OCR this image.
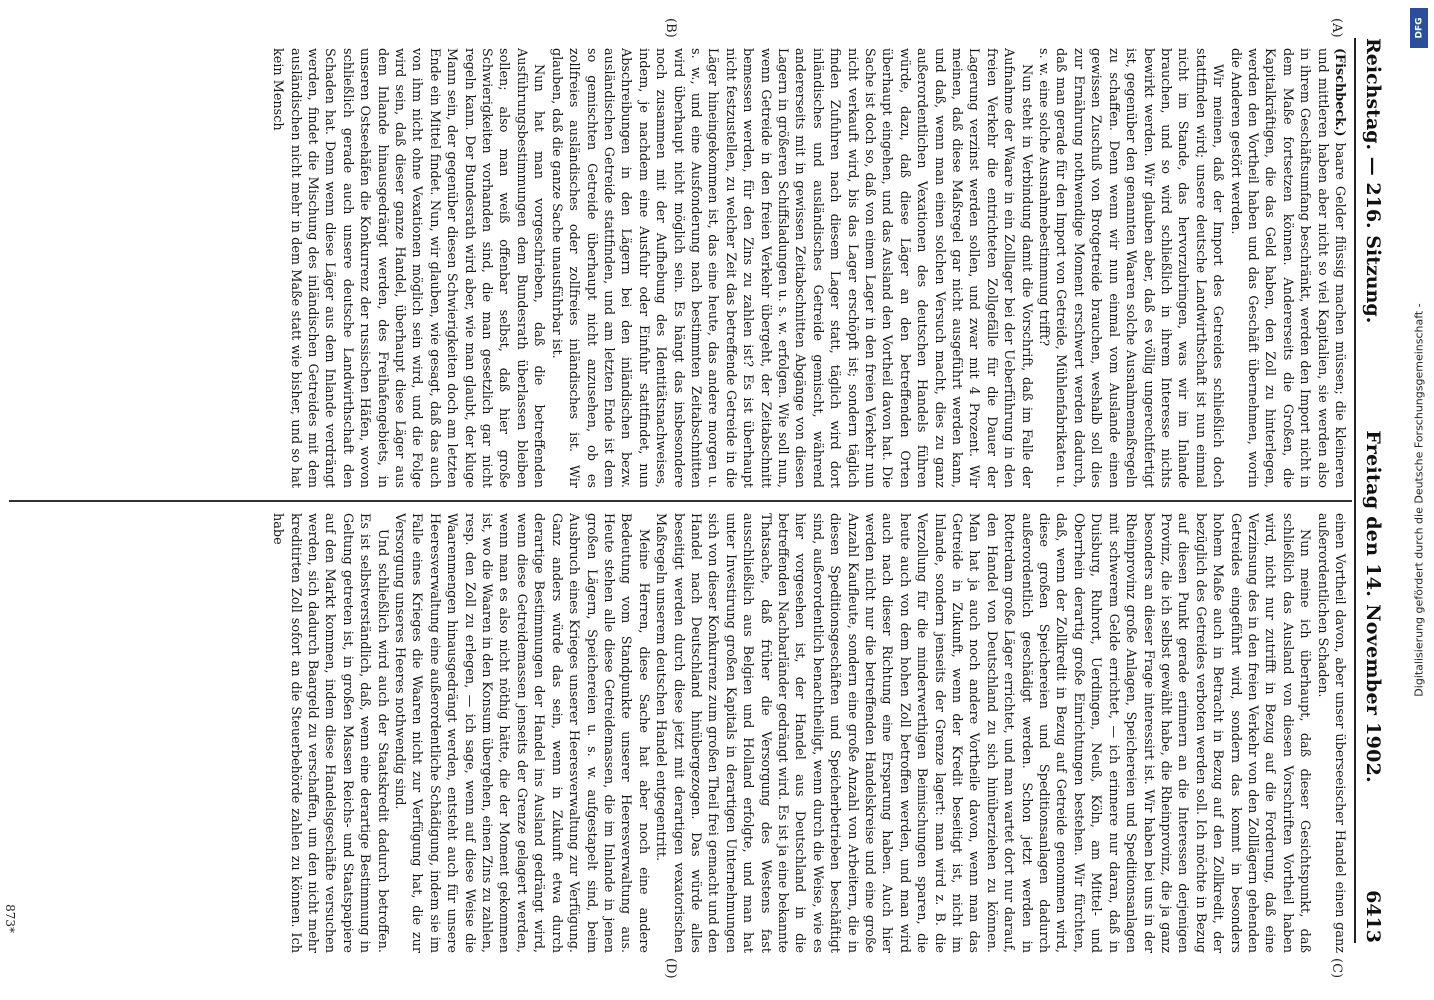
Reichstag. — 216. Sitzung.
Freitag den 14. November 1902.
6413
(A)
(B)
(C)
(D)

(Fischbeck.) baare Gelder flüssig machen müssen; die kleineren und mittleren haben aber nicht so viel Kapitalien, sie werden also in ihrem Geschäftsumfang beschränkt, werden den Import nicht in dem Maße fortsetzen können. Andererseits die Großen, die Kapitalkräftigen, die das Geld haben, den Zoll zu hinterlegen, werden den Vortheil haben und das Geschäft übernehmen, worin die Anderen gestört werden.

Wir meinen, daß der Import des Getreides schließlich doch stattfinden wird; unsere deutsche Landwirthschaft ist nun einmal nicht im Stande, das hervorzubringen, was wir im Inlande brauchen, und so wird schließlich in ihrem Interesse nichts bewirkt werden. Wir glauben aber, daß es völlig ungerechtfertigt ist, gegenüber den genannten Waaren solche Ausnahmemaßregeln zu schaffen. Denn wenn wir nun einmal vom Auslande einen gewissen Zuschuß von Brotgetreide brauchen, weshalb soll dies zur Ernährung nothwendige Moment erschwert werden dadurch, daß man gerade für den Import von Getreide, Mühlenfabrikaten u. s. w. eine solche Ausnahmebestimmung trifft?

Nun steht in Verbindung damit die Vorschrift, daß im Falle der Aufnahme der Waare in ein Zolllager bei der Ueberführung in den freien Verkehr die entrichteten Zollgefälle für die Dauer der Lagerung verzinst werden sollen, und zwar mit 4 Prozent. Wir meinen, daß diese Maßregel gar nicht ausgeführt werden kann, und daß, wenn man einen solchen Versuch macht, dies zu ganz außerordentlichen Vexationen des deutschen Handels führen würde, dazu, daß diese Läger an den betreffenden Orten überhaupt eingehen, und das Ausland den Vortheil davon hat. Die Sache ist doch so, daß von einem Lager in den freien Verkehr nun nicht verkauft wird, bis das Lager erschöpft ist; sondern täglich finden Zufuhren nach diesem Lager statt, täglich wird dort inländisches und ausländisches Getreide gemischt, während andererseits mit in gewissen Zeitabschnitten Abgänge von diesen Lagern in größeren Schiffsladungen u. s. w. erfolgen. Wie soll nun, wenn Getreide in den freien Verkehr übergeht, der Zeitabschnitt bemessen werden, für den Zins zu zahlen ist? Es ist überhaupt nicht festzustellen, zu welcher Zeit das betreffende Getreide in die Läger hineingekommen ist, das eine heute, das andere morgen u. s. w., und eine Ausfonderung nach bestimmten Zeitabschnitten wird überhaupt nicht möglich sein. Es hängt das insbesondere noch zusammen mit der Aufhebung des Identitätsnachweises, indem, je nachdem eine Ausfuhr oder Einfuhr stattfindet, nun Abschreibungen in den Lägern bei den inländischen bezw. ausländischen Getreide stattfinden, und am letzten Ende ist dem so gemischten Getreide überhaupt nicht anzusehen, ob es zollfreies ausländisches oder zollfreies inländisches ist. Wir glauben, daß die ganze Sache unausführbar ist.

Nun hat man vorgeschrieben, daß die betreffenden Ausführungsbestimmungen dem Bundesrath überlassen bleiben sollen; also man weiß offenbar selbst, daß hier große Schwierigkeiten vorhanden sind, die man gesetzlich gar nicht regeln kann. Der Bundesrath wird aber, wie man glaubt, der kluge Mann sein, der gegenüber diesen Schwierigkeiten doch am letzten Ende ein Mittel findet. Nun, wir glauben, wie gesagt, daß das auch von ihm nicht ohne Vexationen möglich sein wird, und die Folge wird sein, daß dieser ganze Handel, überhaupt diese Läger aus dem Inlande hinausgedrängt werden, des Freihafengebiets, in unseren Ostseehäfen die Konkurrenz der russischen Häfen, wovon schließlich gerade auch unsere deutsche Landwirthschaft den Schaden hat. Denn wenn diese Läger aus dem Inlande verdrängt werden, findet die Mischung des inländischen Getreides mit dem ausländischen nicht mehr in dem Maße statt wie bisher, und so hat kein Mensch

einen Vortheil davon, aber unser überseeischer Handel einen ganz außerordentlichen Schaden.

Nun meine ich überhaupt, daß dieser Gesichtspunkt, daß schließlich das Ausland von diesen Vorschriften Vortheil haben wird, nicht nur zutrifft in Bezug auf die Forderung, daß eine Verzinsung des in den freien Verkehr von den Zolllägern gehenden Getreides eingeführt wird, sondern das kommt in besonders hohem Maße auch in Betracht in Bezug auf den Zollkredit, der bezüglich des Getreides verboten werden soll. Ich möchte in Bezug auf diesen Punkt gerade erinnern an die Interessen derjenigen Provinz, die ich selbst gewählt habe, die Rheinprovinz, die ja ganz besonders an dieser Frage interessirt ist. Wir haben bei uns in der Rheinprovinz große Anlagen, Speichereien und Speditionsanlagen mit schwerem Gelde errichtet, — ich erinnere nur daran, daß in Duisburg, Ruhrort, Uerdingen, Neuß, Köln, am Mittel- und Oberrhein derartig große Einrichtungen bestehen. Wir fürchten, daß, wenn der Zollkredit in Bezug auf Getreide genommen wird, diese großen Speichereien und Speditionsanlagen dadurch außerordentlich geschädigt werden. Schon jetzt werden in Rotterdam große Läger errichtet, und man wartet dort nur darauf, den Handel von Deutschland zu sich hinüberziehen zu können. Man hat ja auch noch andere Vortheile davon, wenn man das Getreide in Zukunft, wenn der Kredit beseitigt ist, nicht im Inlande, sondern jenseits der Grenze lagert: man wird z. B. die Verzollung für die minderwerthigen Beimischungen sparen, die heute auch von dem hohen Zoll betroffen werden, und man wird auch nach dieser Richtung eine Ersparung haben. Auch hier werden nicht nur die betreffenden Handelskreise und eine große Anzahl Kaufleute, sondern eine große Anzahl von Arbeitern, die in diesen Speditionsgeschäften und Speicherbetrieben beschäftigt sind, außerordentlich benachtheiligt, wenn durch die Weise, wie es hier vorgesehen ist, der Handel aus Deutschland in die betreffenden Nachbarländer gedrängt wird. Es ist ja eine bekannte Thatsache, daß früher die Versorgung des Westens fast ausschließlich aus Belgien und Holland erfolgte, und man hat unter Investirung großen Kapitals in derartigen Unternehmungen sich von dieser Konkurrenz zum großen Theil frei gemacht und den Handel nach Deutschland hinübergezogen. Das würde alles beseitigt werden durch diese jetzt mit derartigen vexatorischen Maßregeln unserem deutschen Handel entgegentritt.

Meine Herren, diese Sache hat aber noch eine andere Bedeutung vom Standpunkte unserer Heeresverwaltung aus. Heute stehen alle diese Getreidemassen, die im Inlande in jenen großen Lägern, Speichereien u. s. w. aufgestapelt sind, beim Ausbruch eines Krieges unserer Heeresverwaltung zur Verfügung. Ganz anders würde das sein, wenn in Zukunft etwa durch derartige Bestimmungen der Handel ins Ausland gedrängt wird, wenn diese Getreidemassen jenseits der Grenze gelagert werden, wenn man es also nicht nöthig hätte, die der Moment gekommen ist, wo die Waaren in den Konsum übergehen, einen Zins zu zahlen, resp. den Zoll zu erlegen, — ich sage, wenn auf diese Weise die Waarenmengen hinausgedrängt werden, entsteht auch für unsere Heeresverwaltung eine außerordentliche Schädigung, indem sie im Falle eines Krieges die Waaren nicht zur Verfügung hat, die zur Versorgung unseres Heeres nothwendig sind.

Und schließlich wird auch der Staatskredit dadurch betroffen. Es ist selbstverständlich, daß, wenn eine derartige Bestimmung in Geltung getreten ist, in großen Massen Reichs- und Staatspapiere auf den Markt kommen, indem diese Handelsgeschäfte versuchen werden, sich dadurch Baargeld zu verschaffen, um den nicht mehr kreditirten Zoll sofort an die Steuerbehörde zahlen zu können. Ich habe

873*
Digitalisierung gefördert durch die Deutsche Forschungsgemeinschaft -
DFG
